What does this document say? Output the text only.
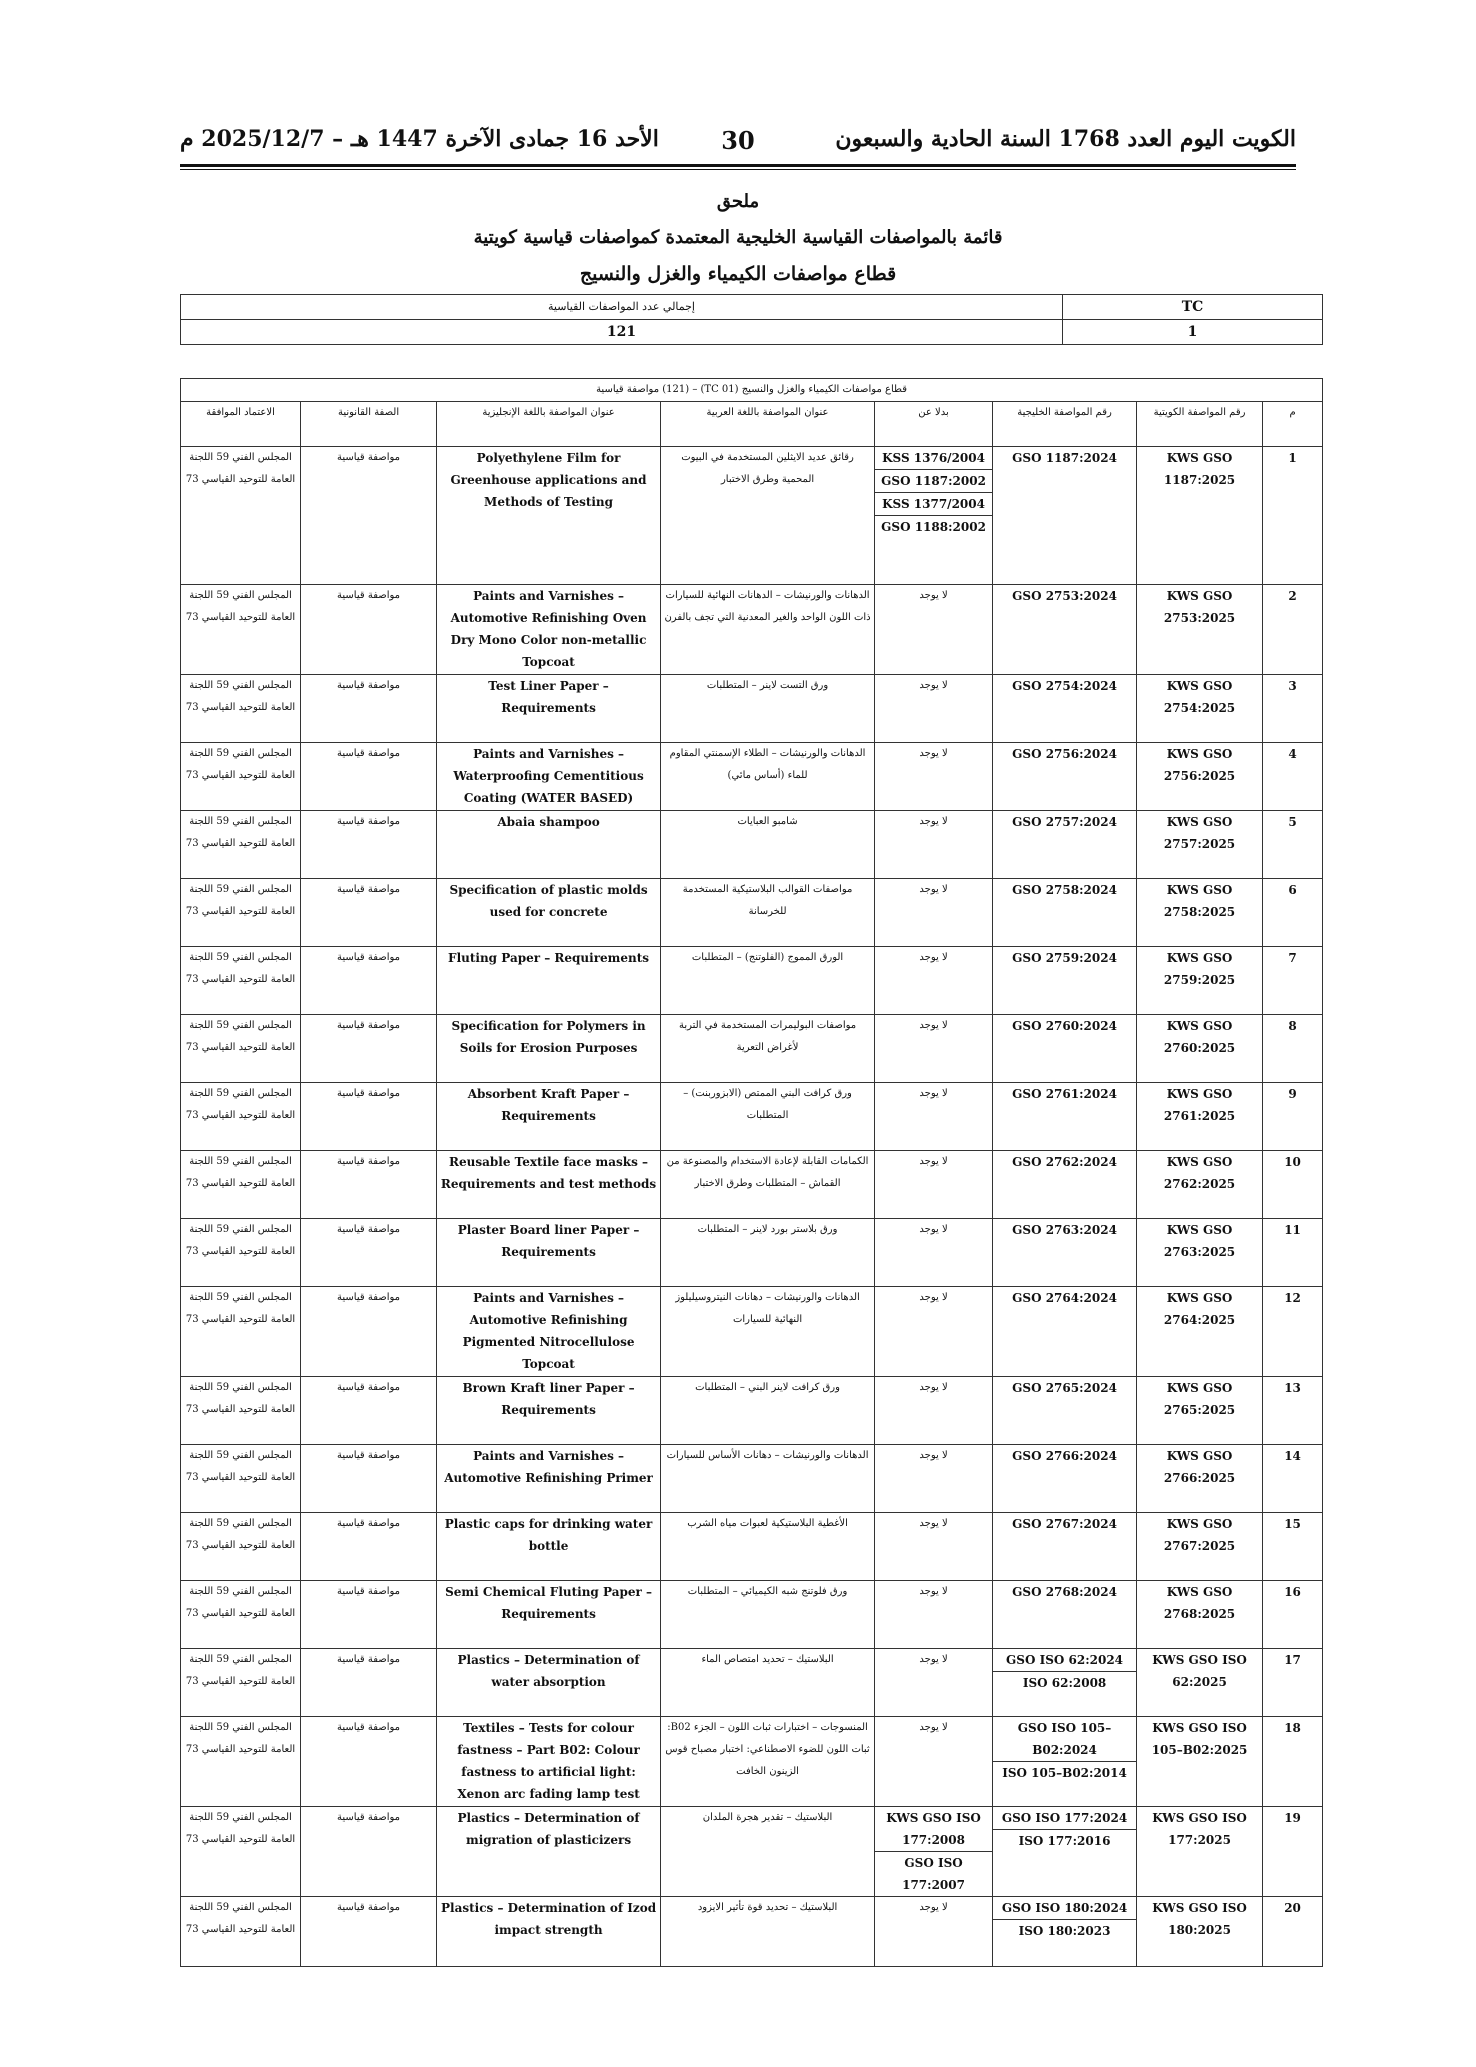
الكويت اليوم العدد 1768 السنة الحادية والسبعون
30
الأحد 16 جمادى الآخرة 1447 هـ – 2025/12/7 م
ملحق
قائمة بالمواصفات القياسية الخليجية المعتمدة كمواصفات قياسية كويتية
قطاع مواصفات الكيمياء والغزل والنسيج
TC	إجمالي عدد المواصفات القياسية
1	121
قطاع مواصفات الكيمياء والغزل والنسيج (TC 01) – (121) مواصفة قياسية							
م	رقم المواصفة الكويتية	رقم المواصفة الخليجية	بدلا عن	عنوان المواصفة باللغة العربية	عنوان المواصفة باللغة الإنجليزية	الصفة القانونية	الاعتماد الموافقة
1	KWS GSO 1187:2025	GSO 1187:2024	KSS 1376/2004
GSO 1187:2002
KSS 1377/2004
GSO 1188:2002	رقائق عديد الايثلين المستخدمة في البيوت المحمية وطرق الاختبار	Polyethylene Film for Greenhouse applications and Methods of Testing	مواصفة قياسية	المجلس الفني 59 اللجنة العامة للتوحيد القياسي 73
2	KWS GSO 2753:2025	GSO 2753:2024	لا يوجد	الدهانات والورنيشات – الدهانات النهائية للسيارات ذات اللون الواحد والغير المعدنية التي تجف بالفرن	Paints and Varnishes – Automotive Refinishing Oven Dry Mono Color non-metallic Topcoat	مواصفة قياسية	المجلس الفني 59 اللجنة العامة للتوحيد القياسي 73
3	KWS GSO 2754:2025	GSO 2754:2024	لا يوجد	ورق التست لاينر – المتطلبات	Test Liner Paper – Requirements	مواصفة قياسية	المجلس الفني 59 اللجنة العامة للتوحيد القياسي 73
4	KWS GSO 2756:2025	GSO 2756:2024	لا يوجد	الدهانات والورنيشات – الطلاء الإسمنتي المقاوم للماء (أساس مائي)	Paints and Varnishes – Waterproofing Cementitious Coating (WATER BASED)	مواصفة قياسية	المجلس الفني 59 اللجنة العامة للتوحيد القياسي 73
5	KWS GSO 2757:2025	GSO 2757:2024	لا يوجد	شامبو العبايات	Abaia shampoo	مواصفة قياسية	المجلس الفني 59 اللجنة العامة للتوحيد القياسي 73
6	KWS GSO 2758:2025	GSO 2758:2024	لا يوجد	مواصفات القوالب البلاستيكية المستخدمة للخرسانة	Specification of plastic molds used for concrete	مواصفة قياسية	المجلس الفني 59 اللجنة العامة للتوحيد القياسي 73
7	KWS GSO 2759:2025	GSO 2759:2024	لا يوجد	الورق المموج (الفلوتنج) – المتطلبات	Fluting Paper – Requirements	مواصفة قياسية	المجلس الفني 59 اللجنة العامة للتوحيد القياسي 73
8	KWS GSO 2760:2025	GSO 2760:2024	لا يوجد	مواصفات البوليمرات المستخدمة في التربة لأغراض التعرية	Specification for Polymers in Soils for Erosion Purposes	مواصفة قياسية	المجلس الفني 59 اللجنة العامة للتوحيد القياسي 73
9	KWS GSO 2761:2025	GSO 2761:2024	لا يوجد	ورق كرافت البني الممتص (الابزوربنت) – المتطلبات	Absorbent Kraft Paper – Requirements	مواصفة قياسية	المجلس الفني 59 اللجنة العامة للتوحيد القياسي 73
10	KWS GSO 2762:2025	GSO 2762:2024	لا يوجد	الكمامات القابلة لإعادة الاستخدام والمصنوعة من القماش – المتطلبات وطرق الاختبار	Reusable Textile face masks – Requirements and test methods	مواصفة قياسية	المجلس الفني 59 اللجنة العامة للتوحيد القياسي 73
11	KWS GSO 2763:2025	GSO 2763:2024	لا يوجد	ورق بلاستر بورد لاينر – المتطلبات	Plaster Board liner Paper – Requirements	مواصفة قياسية	المجلس الفني 59 اللجنة العامة للتوحيد القياسي 73
12	KWS GSO 2764:2025	GSO 2764:2024	لا يوجد	الدهانات والورنيشات – دهانات النيتروسيليلوز النهائية للسيارات	Paints and Varnishes – Automotive Refinishing Pigmented Nitrocellulose Topcoat	مواصفة قياسية	المجلس الفني 59 اللجنة العامة للتوحيد القياسي 73
13	KWS GSO 2765:2025	GSO 2765:2024	لا يوجد	ورق كرافت لاينر البني – المتطلبات	Brown Kraft liner Paper – Requirements	مواصفة قياسية	المجلس الفني 59 اللجنة العامة للتوحيد القياسي 73
14	KWS GSO 2766:2025	GSO 2766:2024	لا يوجد	الدهانات والورنيشات – دهانات الأساس للسيارات	Paints and Varnishes – Automotive Refinishing Primer	مواصفة قياسية	المجلس الفني 59 اللجنة العامة للتوحيد القياسي 73
15	KWS GSO 2767:2025	GSO 2767:2024	لا يوجد	الأغطية البلاستيكية لعبوات مياه الشرب	Plastic caps for drinking water bottle	مواصفة قياسية	المجلس الفني 59 اللجنة العامة للتوحيد القياسي 73
16	KWS GSO 2768:2025	GSO 2768:2024	لا يوجد	ورق فلوتنج شبه الكيميائي – المتطلبات	Semi Chemical Fluting Paper – Requirements	مواصفة قياسية	المجلس الفني 59 اللجنة العامة للتوحيد القياسي 73
17	KWS GSO ISO 62:2025	GSO ISO 62:2024
ISO 62:2008	لا يوجد	البلاستيك – تحديد امتصاص الماء	Plastics – Determination of water absorption	مواصفة قياسية	المجلس الفني 59 اللجنة العامة للتوحيد القياسي 73
18	KWS GSO ISO 105–B02:2025	GSO ISO 105–B02:2024
ISO 105–B02:2014	لا يوجد	المنسوجات – اختبارات ثبات اللون – الجزء B02: ثبات اللون للضوء الاصطناعي: اختبار مصباح قوس الزينون الخافت	Textiles – Tests for colour fastness – Part B02: Colour fastness to artificial light: Xenon arc fading lamp test	مواصفة قياسية	المجلس الفني 59 اللجنة العامة للتوحيد القياسي 73
19	KWS GSO ISO 177:2025	GSO ISO 177:2024
ISO 177:2016	KWS GSO ISO 177:2008
GSO ISO 177:2007	البلاستيك – تقدير هجرة الملدان	Plastics – Determination of migration of plasticizers	مواصفة قياسية	المجلس الفني 59 اللجنة العامة للتوحيد القياسي 73
20	KWS GSO ISO 180:2025	GSO ISO 180:2024
ISO 180:2023	لا يوجد	البلاستيك – تحديد قوة تأثير الايزود	Plastics – Determination of Izod impact strength	مواصفة قياسية	المجلس الفني 59 اللجنة العامة للتوحيد القياسي 73
